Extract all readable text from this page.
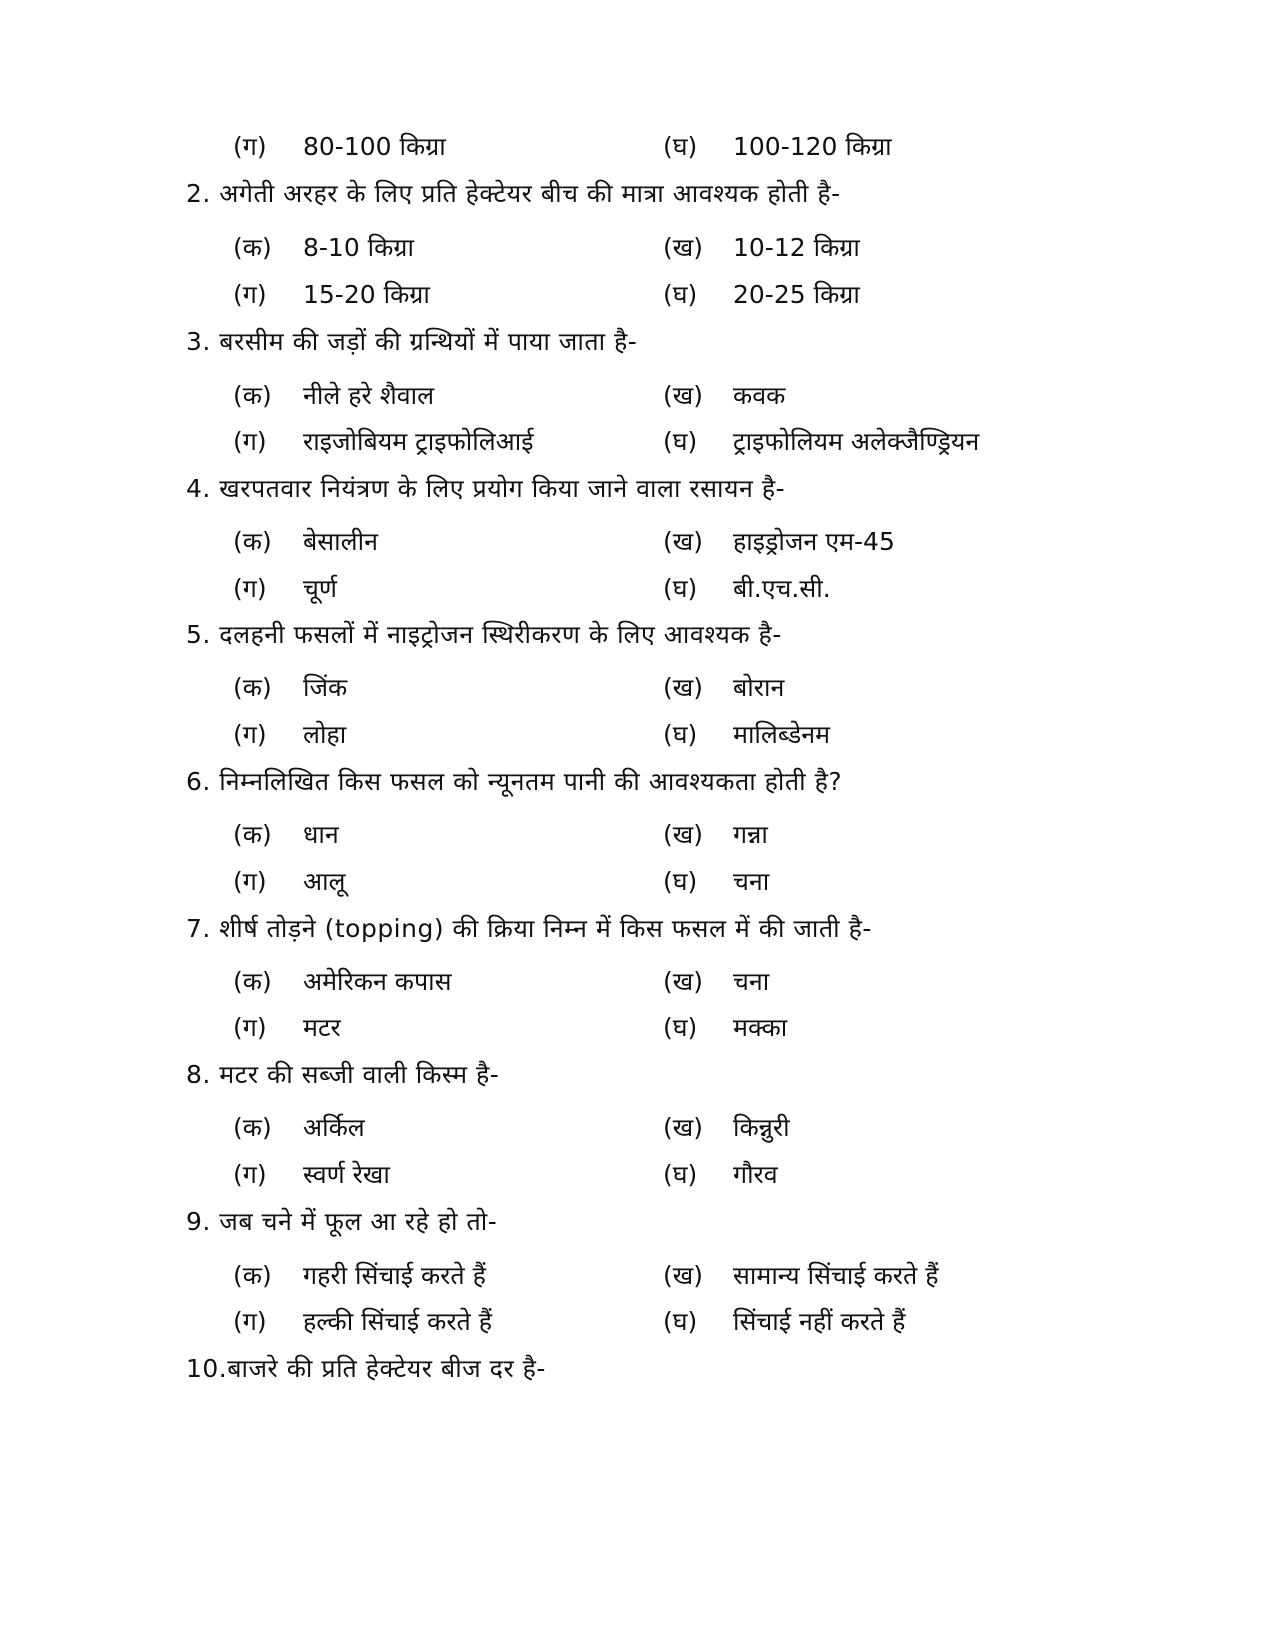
(ग) 80-100 किग्रा	(घ) 100-120 किग्रा
2. अगेती अरहर के लिए प्रति हेक्टेयर बीच की मात्रा आवश्यक होती है-
(क) 8-10 किग्रा	(ख) 10-12 किग्रा
(ग) 15-20 किग्रा	(घ) 20-25 किग्रा
3. बरसीम की जड़ों की ग्रन्थियों में पाया जाता है-
(क) नीले हरे शैवाल	(ख) कवक
(ग) राइजोबियम ट्राइफोलिआई	(घ) ट्राइफोलियम अलेक्जैण्ड्रियन
4. खरपतवार नियंत्रण के लिए प्रयोग किया जाने वाला रसायन है-
(क) बेसालीन	(ख) हाइड्रोजन एम-45
(ग) चूर्ण	(घ) बी.एच.सी.
5. दलहनी फसलों में नाइट्रोजन स्थिरीकरण के लिए आवश्यक है-
(क) जिंक	(ख) बोरान
(ग) लोहा	(घ) मालिब्डेनम
6. निम्नलिखित किस फसल को न्यूनतम पानी की आवश्यकता होती है?
(क) धान	(ख) गन्ना
(ग) आलू	(घ) चना
7. शीर्ष तोड़ने (topping) की क्रिया निम्न में किस फसल में की जाती है-
(क) अमेरिकन कपास	(ख) चना
(ग) मटर	(घ) मक्का
8. मटर की सब्जी वाली किस्म है-
(क) अर्किल	(ख) किन्नुरी
(ग) स्वर्ण रेखा	(घ) गौरव
9. जब चने में फूल आ रहे हो तो-
(क) गहरी सिंचाई करते हैं	(ख) सामान्य सिंचाई करते हैं
(ग) हल्की सिंचाई करते हैं	(घ) सिंचाई नहीं करते हैं
10.बाजरे की प्रति हेक्टेयर बीज दर है-
